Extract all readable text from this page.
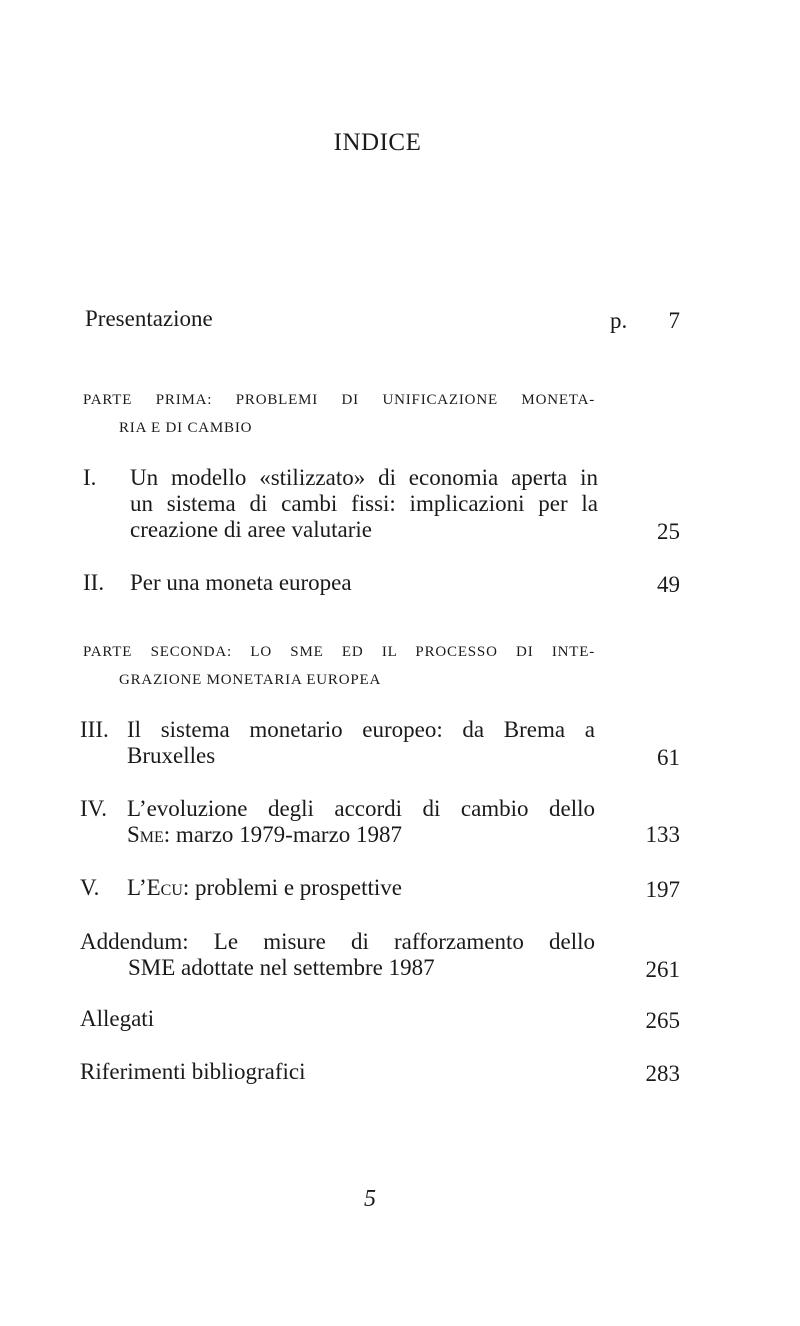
INDICE
Presentazione	p. 7
PARTE PRIMA: PROBLEMI DI UNIFICAZIONE MONETA-
RIA E DI CAMBIO
I.	Un modello «stilizzato» di economia aperta in
un sistema di cambi fissi: implicazioni per la
creazione di aree valutarie	25
II.	Per una moneta europea	49
PARTE SECONDA: LO SME ED IL PROCESSO DI INTE-
GRAZIONE MONETARIA EUROPEA
III. Il sistema monetario europeo: da Brema a
Bruxelles	61
IV. L’evoluzione degli accordi di cambio dello
Sme: marzo 1979-marzo 1987	133
V.	L’Ecu: problemi e prospettive	197
Addendum: Le misure di rafforzamento dello
SME adottate nel settembre 1987	261
Allegati	265
Riferimenti bibliografici	283
5
